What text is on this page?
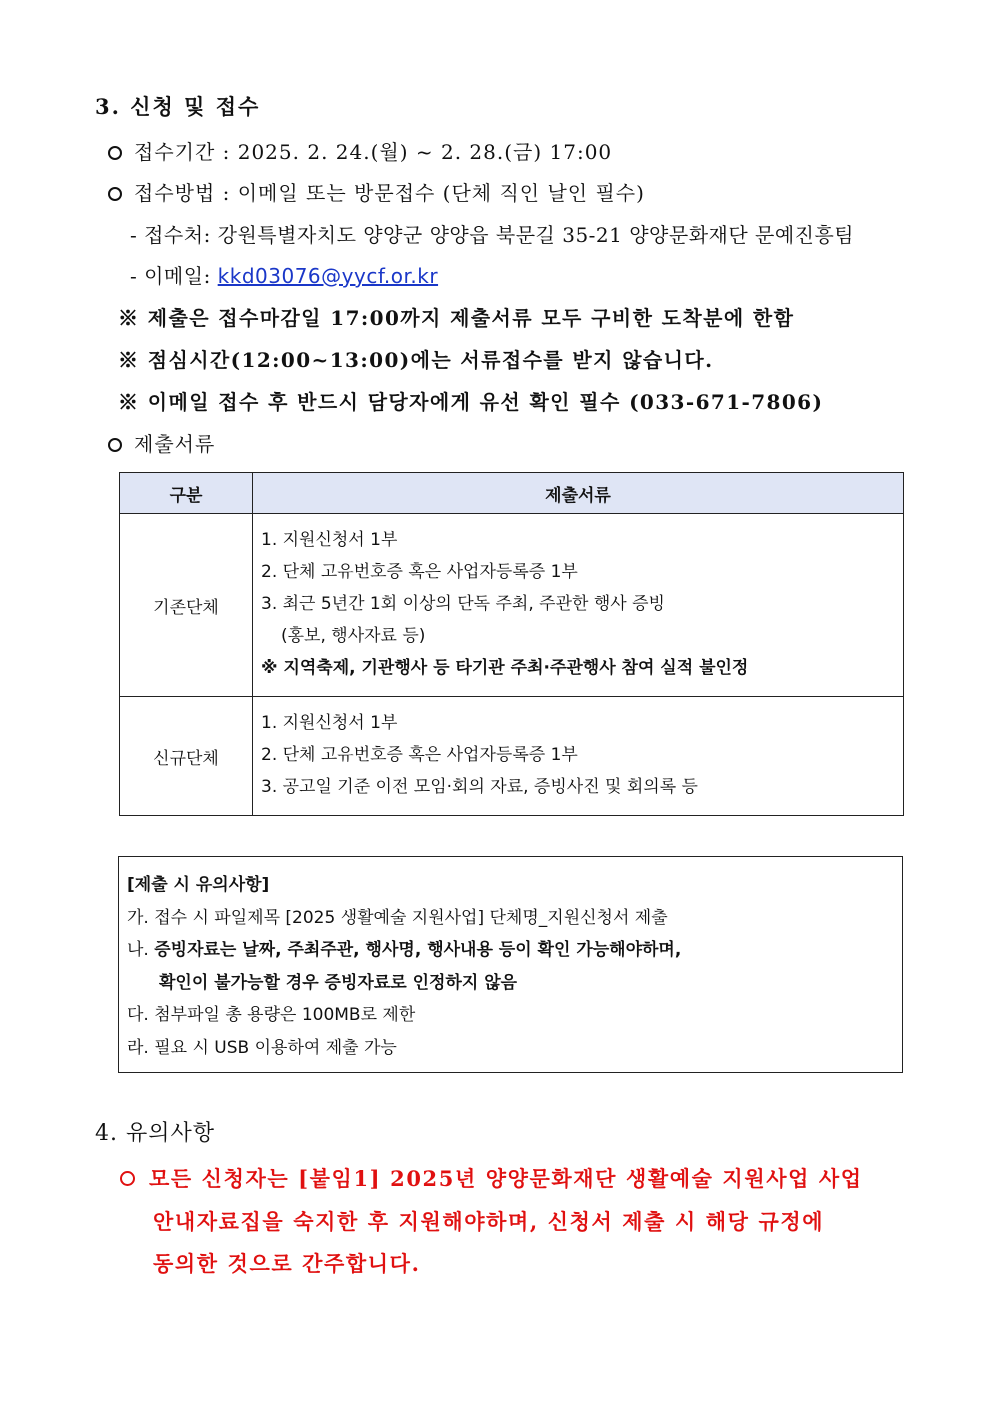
3. 신청 및 접수
접수기간 : 2025. 2. 24.(월) ~ 2. 28.(금) 17:00
접수방법 : 이메일 또는 방문접수 (단체 직인 날인 필수)
- 접수처: 강원특별자치도 양양군 양양읍 북문길 35-21 양양문화재단 문예진흥팀
- 이메일: kkd03076@yycf.or.kr
※ 제출은 접수마감일 17:00까지 제출서류 모두 구비한 도착분에 한함
※ 점심시간(12:00~13:00)에는 서류접수를 받지 않습니다.
※ 이메일 접수 후 반드시 담당자에게 유선 확인 필수 (033-671-7806)
제출서류
구분	제출서류
기존단체	1. 지원신청서 1부
2. 단체 고유번호증 혹은 사업자등록증 1부
3. 최근 5년간 1회 이상의 단독 주최, 주관한 행사 증빙
(홍보, 행사자료 등)
※ 지역축제, 기관행사 등 타기관 주최·주관행사 참여 실적 불인정

신규단체	1. 지원신청서 1부
2. 단체 고유번호증 혹은 사업자등록증 1부
3. 공고일 기준 이전 모임·회의 자료, 증빙사진 및 회의록 등
[제출 시 유의사항]
가. 접수 시 파일제목 [2025 생활예술 지원사업] 단체명_지원신청서 제출
나. 증빙자료는 날짜, 주최주관, 행사명, 행사내용 등이 확인 가능해야하며,
확인이 불가능할 경우 증빙자료로 인정하지 않음
다. 첨부파일 총 용량은 100MB로 제한
라. 필요 시 USB 이용하여 제출 가능
4. 유의사항
모든 신청자는 [붙임1] 2025년 양양문화재단 생활예술 지원사업 사업
안내자료집을 숙지한 후 지원해야하며, 신청서 제출 시 해당 규정에
동의한 것으로 간주합니다.
